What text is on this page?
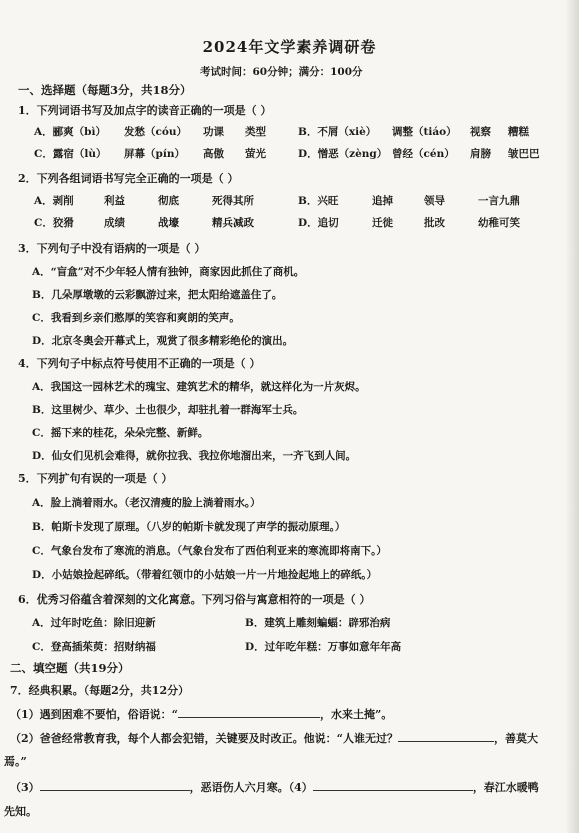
2024年文学素养调研卷
考试时间：60分钟；满分：100分
一、选择题（每题3分，共18分）
1．下列词语书写及加点字的读音正确的一项是（ ）
A．郦爽（bì） 发愁（cóu） 功课 类型	B．不屑（xiè） 调整（tiáo） 视察 糟糕
C．露宿（lù） 屏幕（pín） 高傲 萤光	D．憎恶（zèng） 曾经（cén） 肩膀 皱巴巴
2．下列各组词语书写完全正确的一项是（ ）
A．剥削	利益	彻底	死得其所	B．兴旺	追掉	领导	一言九鼎
C．狡猾	成绩	战壕	精兵减政	D．追切	迁徙	批改	幼稚可笑
3．下列句子中没有语病的一项是（ ）
A．“盲盒”对不少年轻人情有独钟，商家因此抓住了商机。
B．几朵厚墩墩的云彩飘游过来，把太阳给遮盖住了。
C．我看到乡亲们憨厚的笑容和爽朗的笑声。
D．北京冬奥会开幕式上，观赏了很多精彩绝伦的演出。
4．下列句子中标点符号使用不正确的一项是（ ）
A．我国这一园林艺术的瑰宝、建筑艺术的精华，就这样化为一片灰烬。
B．这里树少、草少、土也很少，却驻扎着一群海军士兵。
C．摇下来的桂花，朵朵完整、新鲜。
D．仙女们见机会难得，就你拉我、我拉你地溜出来，一齐飞到人间。
5．下列扩句有误的一项是（ ）
A．脸上淌着雨水。（老汉清瘦的脸上淌着雨水。）
B．帕斯卡发现了原理。（八岁的帕斯卡就发现了声学的振动原理。）
C．气象台发布了寒流的消息。（气象台发布了西伯利亚来的寒流即将南下。）
D．小姑娘捡起碎纸。（带着红领巾的小姑娘一片一片地捡起地上的碎纸。）
6．优秀习俗蕴含着深刻的文化寓意。下列习俗与寓意相符的一项是（ ）
A．过年时吃鱼：除旧迎新	B．建筑上雕刻蝙蝠：辟邪治病
C．登高插茱萸：招财纳福	D．过年吃年糕：万事如意年年高
二、填空题（共19分）
7．经典积累。（每题2分，共12分）
（1）遇到困难不要怕，俗语说：“	，水来土掩”。
（2）爸爸经常教育我，每个人都会犯错，关键要及时改正。他说：“人谁无过？	，善莫大
焉。”
（3）	，恶语伤人六月寒。（4）	，春江水暖鸭
先知。
